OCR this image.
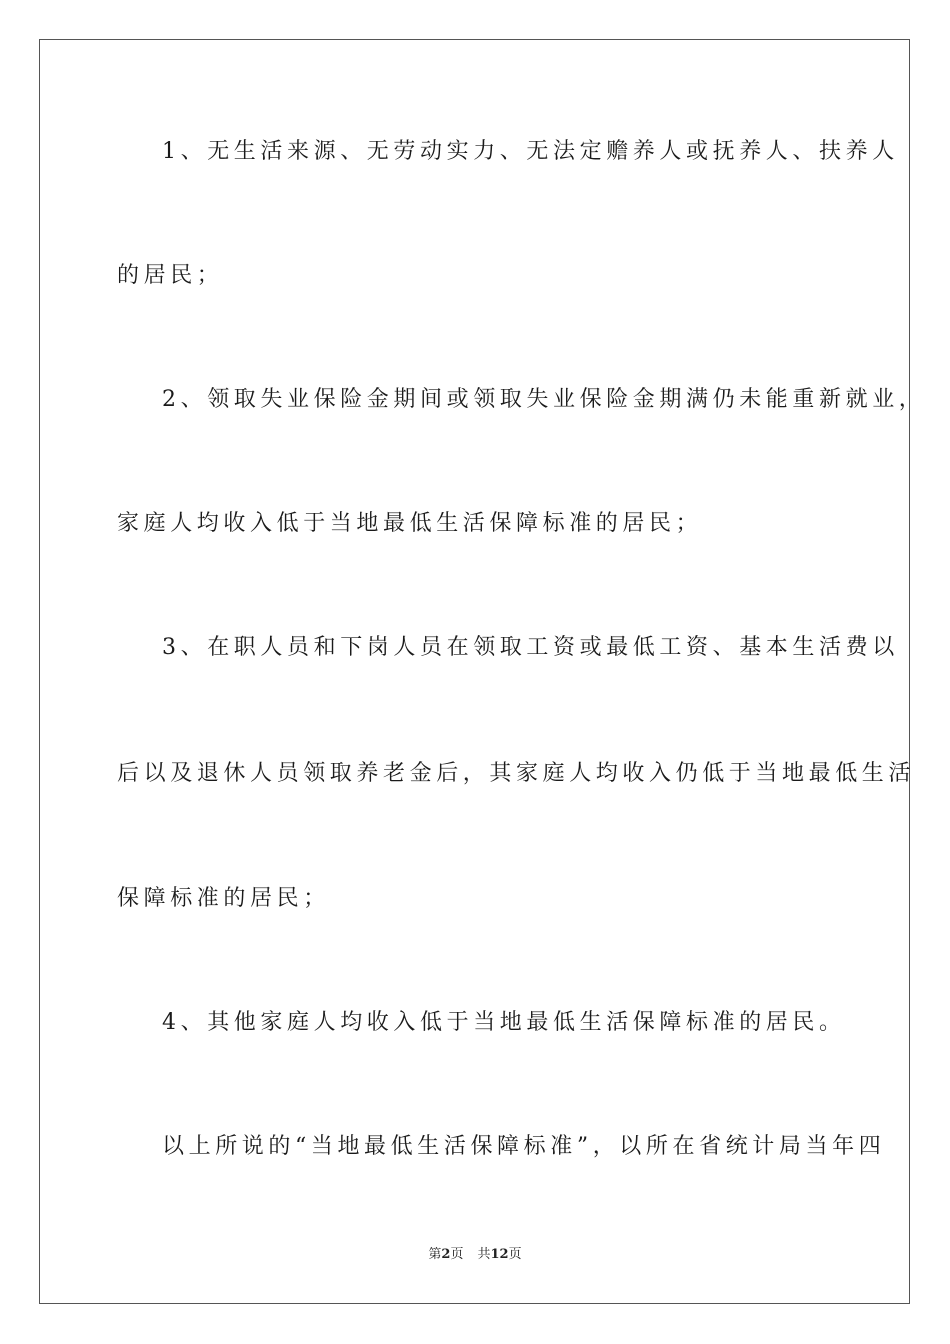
1、无生活来源、无劳动实力、无法定赡养人或抚养人、扶养人
的居民；
2、领取失业保险金期间或领取失业保险金期满仍未能重新就业，
家庭人均收入低于当地最低生活保障标准的居民；
3、在职人员和下岗人员在领取工资或最低工资、基本生活费以
后以及退休人员领取养老金后，其家庭人均收入仍低于当地最低生活
保障标准的居民；
4、其他家庭人均收入低于当地最低生活保障标准的居民。
以上所说的“当地最低生活保障标准”，以所在省统计局当年四
第2页 共12页
